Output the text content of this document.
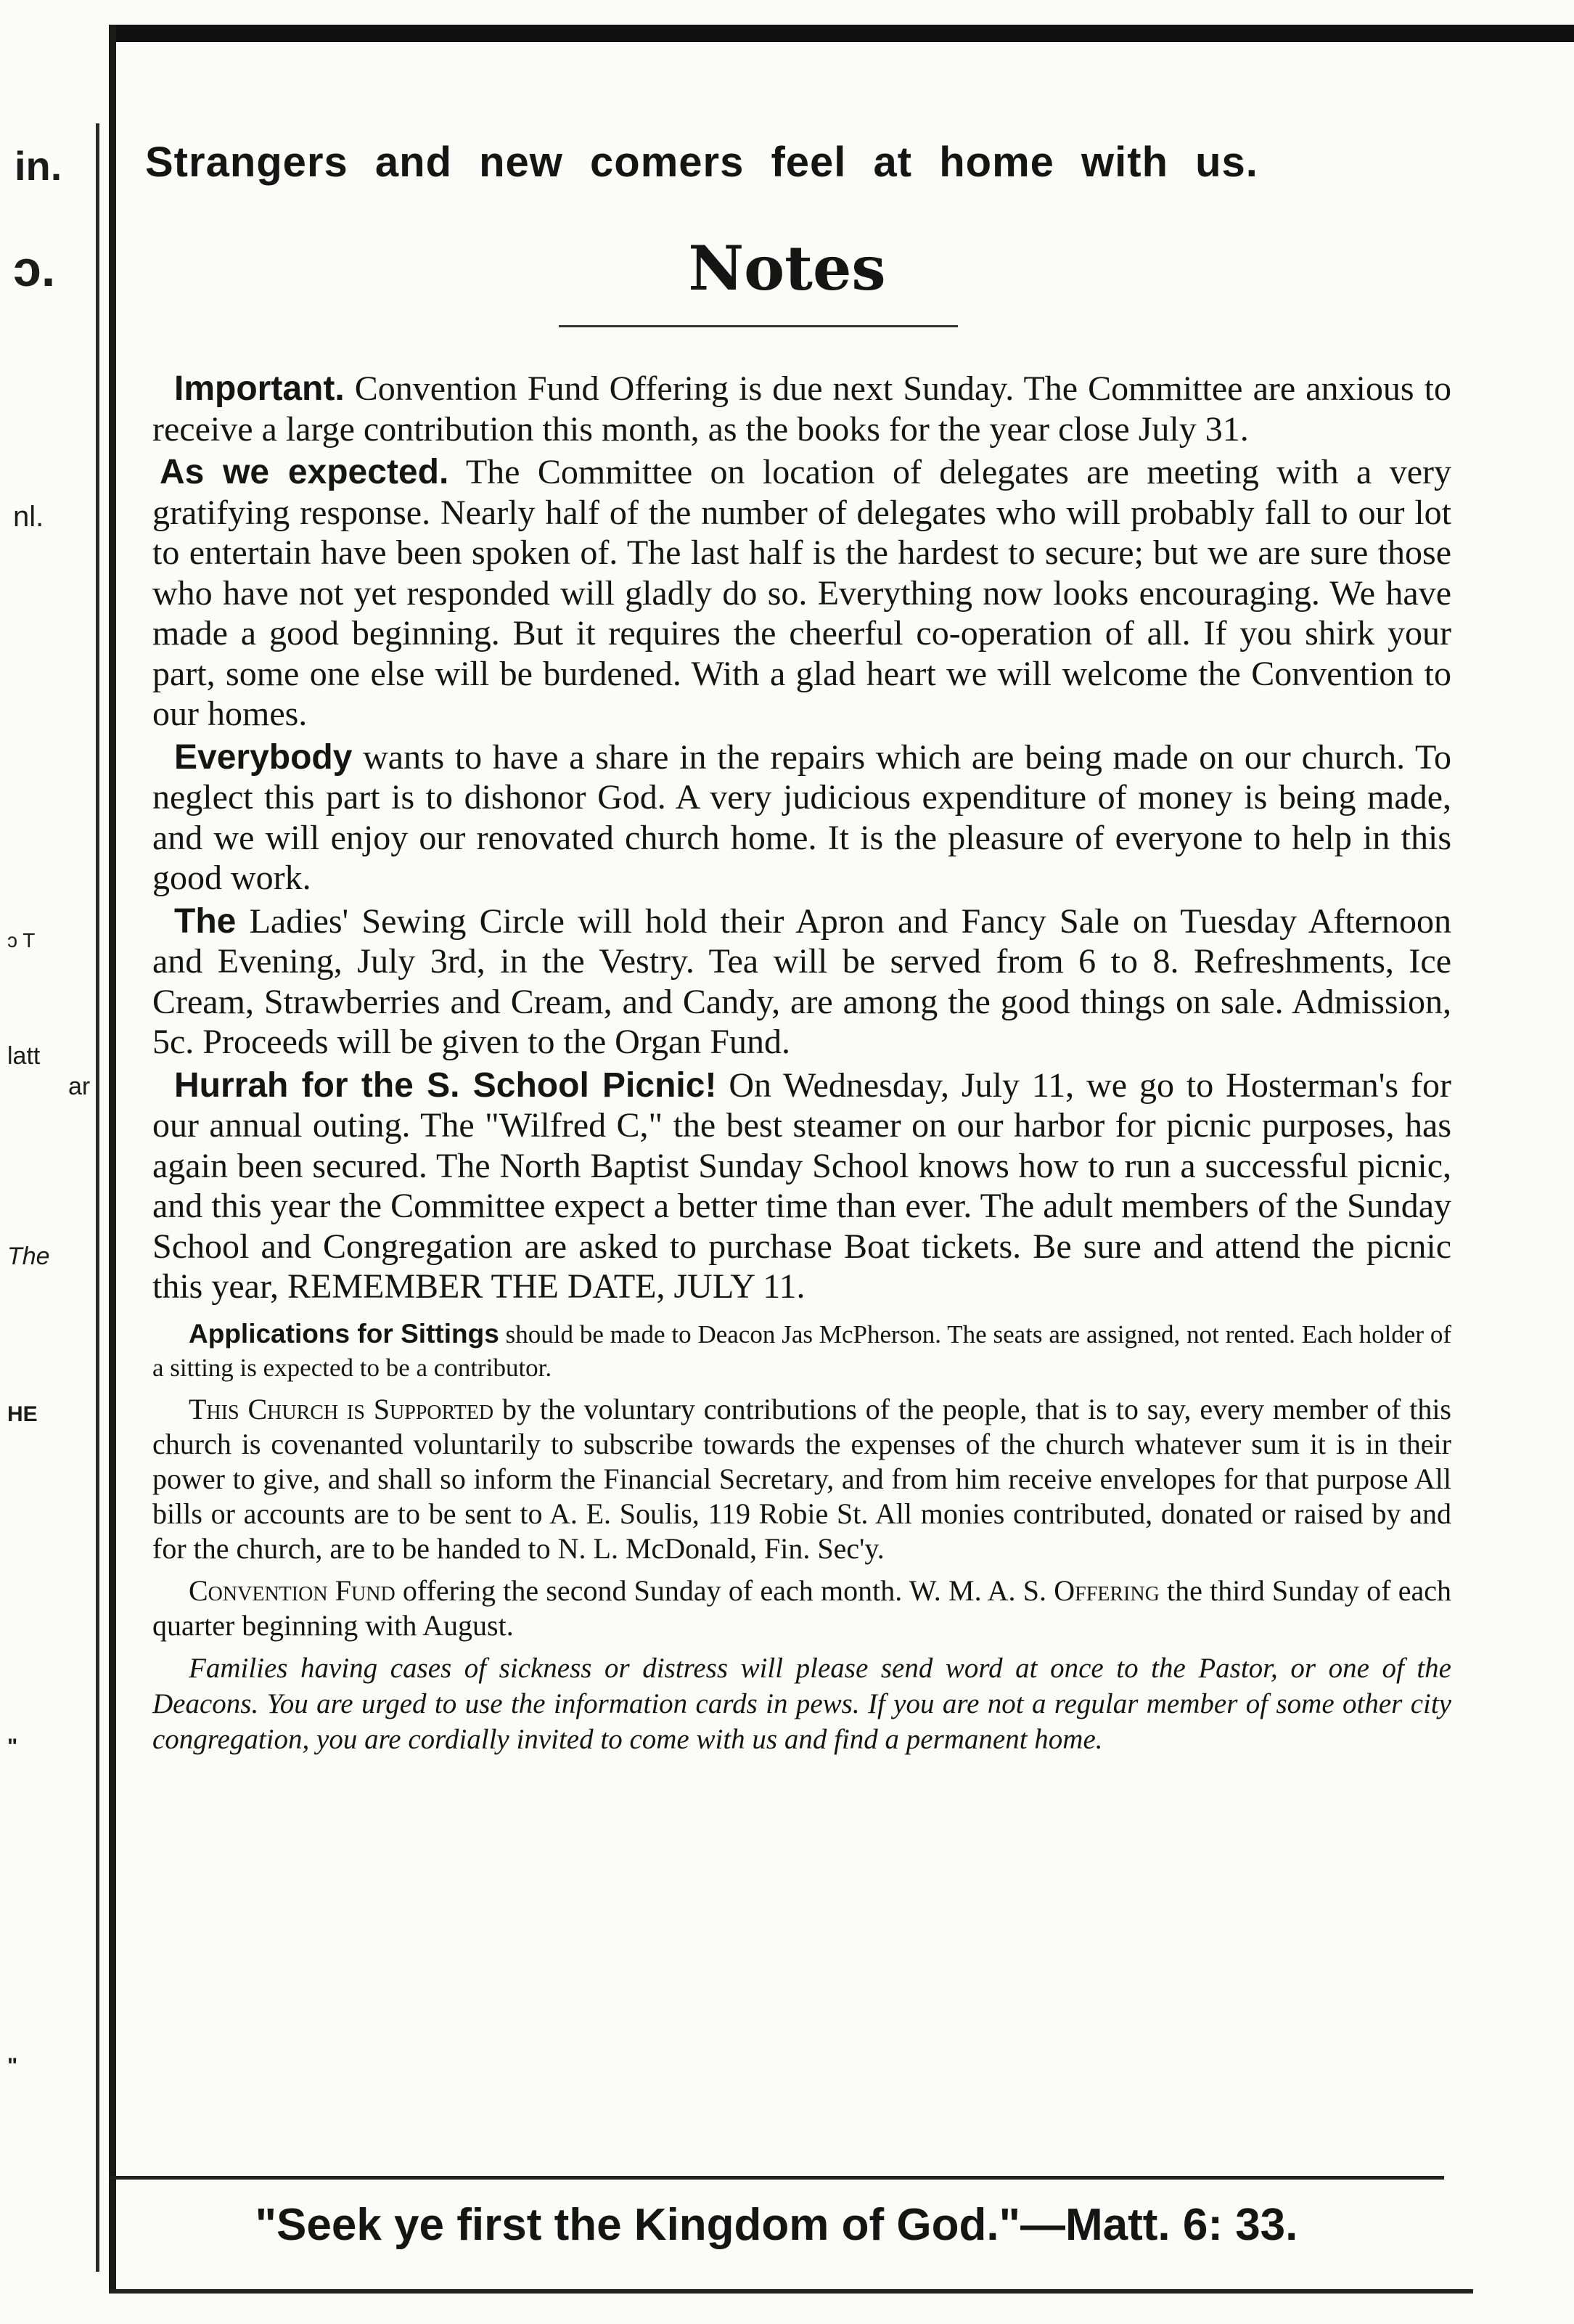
in.
ɔ.
nl.
ɔ T
latt
ar
The
HE
"
"
Strangers and new comers feel at home with us.
Notes

Important. Convention Fund Offering is due next Sunday. The Committee are anxious to receive a large contribution this month, as the books for the year close July 31.

As we expected. The Committee on location of delegates are meeting with a very gratifying response. Nearly half of the number of delegates who will probably fall to our lot to entertain have been spoken of. The last half is the hardest to secure; but we are sure those who have not yet responded will gladly do so. Everything now looks encouraging. We have made a good beginning. But it requires the cheerful co-operation of all. If you shirk your part, some one else will be burdened. With a glad heart we will welcome the Convention to our homes.

Everybody wants to have a share in the repairs which are being made on our church. To neglect this part is to dishonor God. A very judicious expenditure of money is being made, and we will enjoy our renovated church home. It is the pleasure of everyone to help in this good work.

The Ladies' Sewing Circle will hold their Apron and Fancy Sale on Tuesday Afternoon and Evening, July 3rd, in the Vestry. Tea will be served from 6 to 8. Refreshments, Ice Cream, Strawberries and Cream, and Candy, are among the good things on sale. Admission, 5c. Proceeds will be given to the Organ Fund.

Hurrah for the S. School Picnic! On Wednesday, July 11, we go to Hosterman's for our annual outing. The "Wilfred C," the best steamer on our harbor for picnic purposes, has again been secured. The North Baptist Sunday School knows how to run a successful picnic, and this year the Committee expect a better time than ever. The adult members of the Sunday School and Congregation are asked to purchase Boat tickets. Be sure and attend the picnic this year, REMEMBER THE DATE, JULY 11.

Applications for Sittings should be made to Deacon Jas McPherson. The seats are assigned, not rented. Each holder of a sitting is expected to be a contributor.

This Church is Supported by the voluntary contributions of the people, that is to say, every member of this church is covenanted voluntarily to subscribe towards the expenses of the church whatever sum it is in their power to give, and shall so inform the Financial Secretary, and from him receive envelopes for that purpose All bills or accounts are to be sent to A. E. Soulis, 119 Robie St. All monies contributed, donated or raised by and for the church, are to be handed to N. L. McDonald, Fin. Sec'y.

Convention Fund offering the second Sunday of each month. W. M. A. S. Offering the third Sunday of each quarter beginning with August.

Families having cases of sickness or distress will please send word at once to the Pastor, or one of the Deacons. You are urged to use the information cards in pews. If you are not a regular member of some other city congregation, you are cordially invited to come with us and find a permanent home.

"Seek ye first the Kingdom of God."—Matt. 6: 33.
